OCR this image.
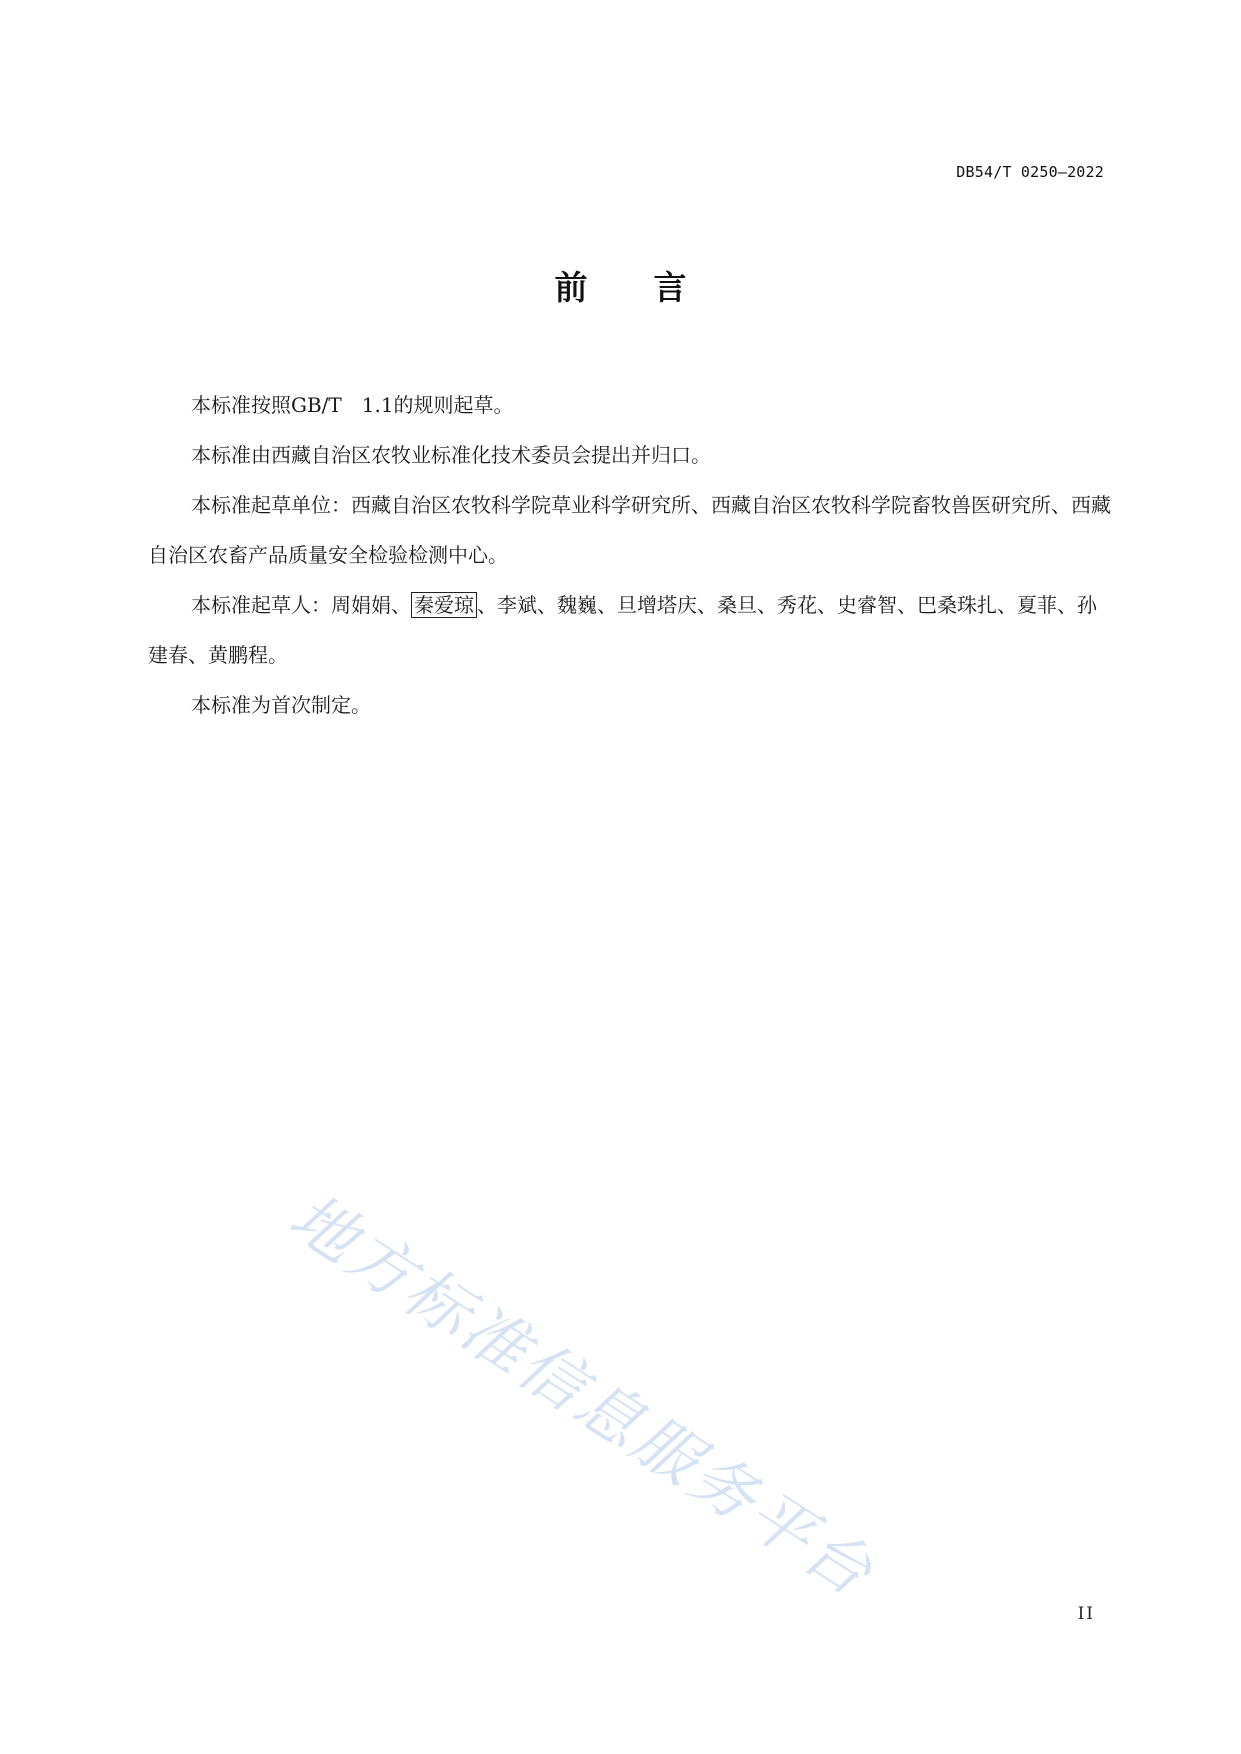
DB54/T 0250—2022
前 言

本标准按照GB/T　1.1的规则起草。

本标准由西藏自治区农牧业标准化技术委员会提出并归口。

本标准起草单位：西藏自治区农牧科学院草业科学研究所、西藏自治区农牧科学院畜牧兽医研究所、西藏自治区农畜产品质量安全检验检测中心。

本标准起草人：周娟娟、 秦爱琼 、李斌、魏巍、旦增塔庆、桑旦、秀花、史睿智、巴桑珠扎、夏菲、孙建春、黄鹏程。

本标准为首次制定。

地方标准信息服务平台
II
